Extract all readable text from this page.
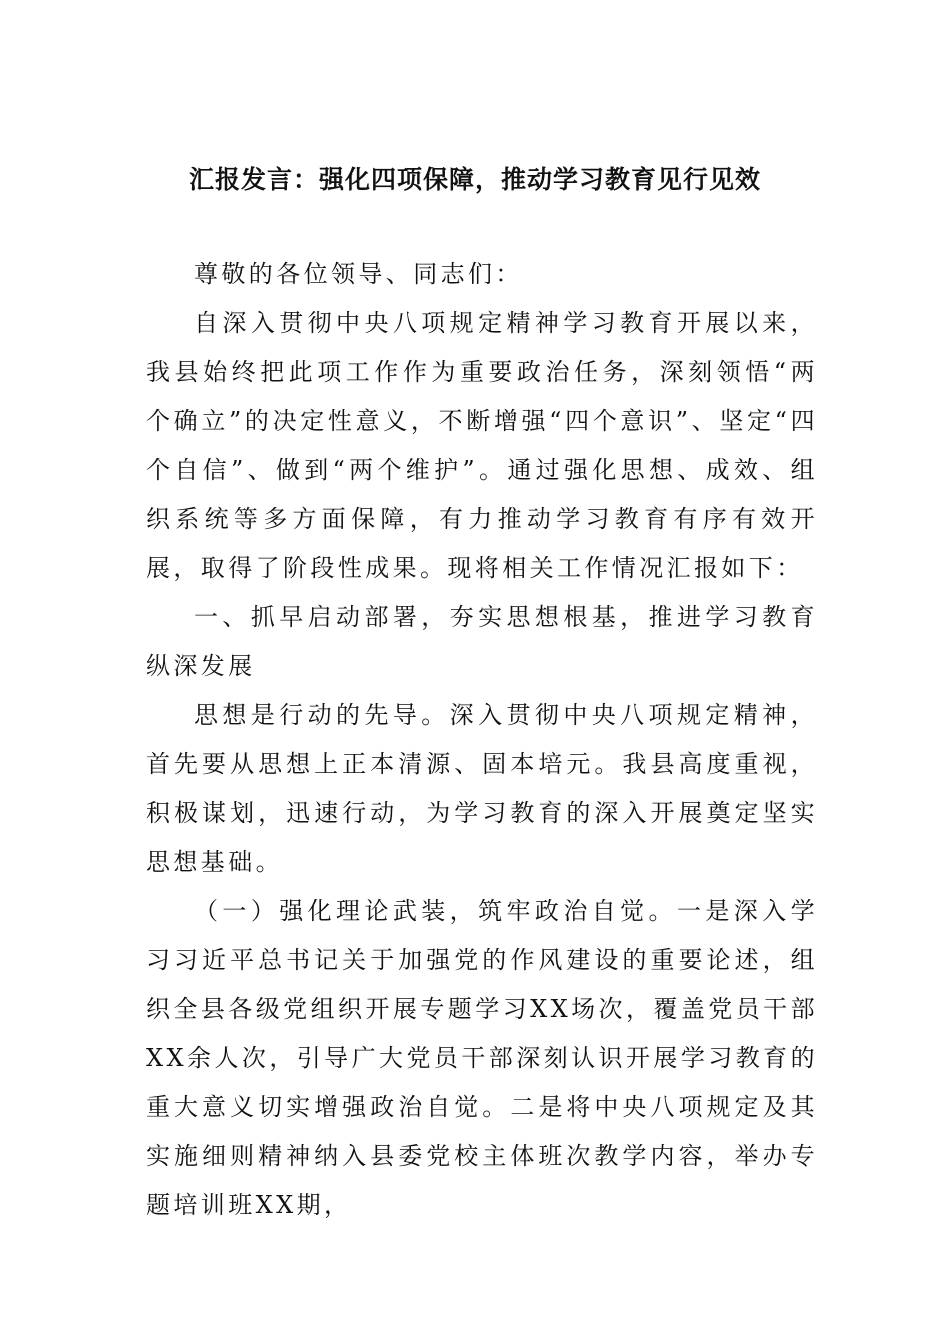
汇报发言：强化四项保障，推动学习教育见行见效

尊敬的各位领导、同志们：

自深入贯彻中央八项规定精神学习教育开展以来，我县始终把此项工作作为重要政治任务，深刻领悟“两个确立”的决定性意义，不断增强“四个意识”、坚定“四个自信”、做到“两个维护”。通过强化思想、成效、组织系统等多方面保障，有力推动学习教育有序有效开展，取得了阶段性成果。现将相关工作情况汇报如下：

一、抓早启动部署，夯实思想根基，推进学习教育纵深发展

思想是行动的先导。深入贯彻中央八项规定精神，首先要从思想上正本清源、固本培元。我县高度重视，积极谋划，迅速行动，为学习教育的深入开展奠定坚实思想基础。

（一）强化理论武装，筑牢政治自觉。一是深入学习习近平总书记关于加强党的作风建设的重要论述，组织全县各级党组织开展专题学习XX场次，覆盖党员干部XX余人次，引导广大党员干部深刻认识开展学习教育的重大意义切实增强政治自觉。二是将中央八项规定及其实施细则精神纳入县委党校主体班次教学内容，举办专题培训班XX期，
